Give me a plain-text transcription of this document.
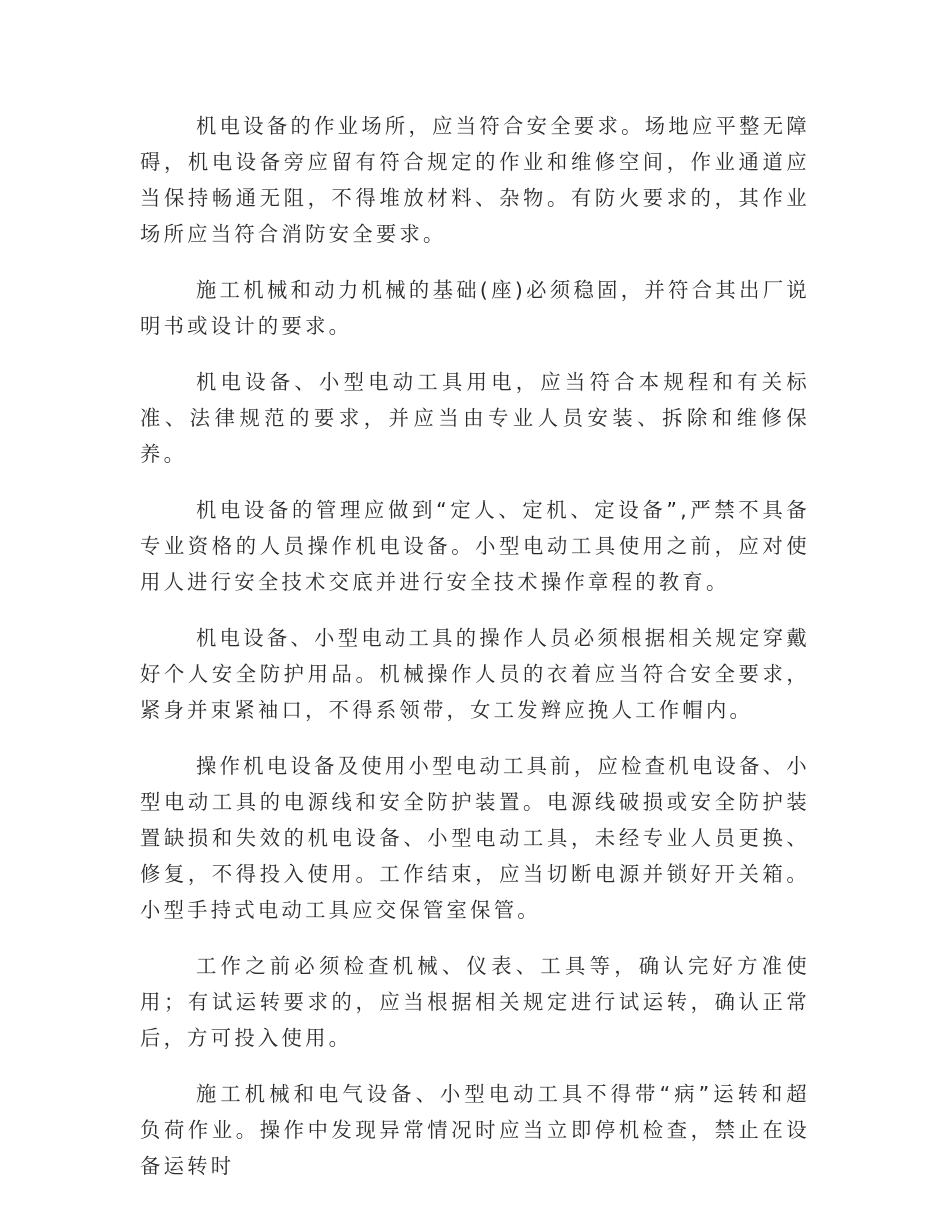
机电设备的作业场所，应当符合安全要求。场地应平整无障碍，机电设备旁应留有符合规定的作业和维修空间，作业通道应当保持畅通无阻，不得堆放材料、杂物。有防火要求的，其作业场所应当符合消防安全要求。

施工机械和动力机械的基础(座)必须稳固，并符合其出厂说明书或设计的要求。

机电设备、小型电动工具用电，应当符合本规程和有关标准、法律规范的要求，并应当由专业人员安装、拆除和维修保养。

机电设备的管理应做到“定人、定机、定设备”,严禁不具备专业资格的人员操作机电设备。小型电动工具使用之前，应对使用人进行安全技术交底并进行安全技术操作章程的教育。

机电设备、小型电动工具的操作人员必须根据相关规定穿戴好个人安全防护用品。机械操作人员的衣着应当符合安全要求，紧身并束紧袖口，不得系领带，女工发辫应挽人工作帽内。

操作机电设备及使用小型电动工具前，应检查机电设备、小型电动工具的电源线和安全防护装置。电源线破损或安全防护装置缺损和失效的机电设备、小型电动工具，未经专业人员更换、修复，不得投入使用。工作结束，应当切断电源并锁好开关箱。小型手持式电动工具应交保管室保管。

工作之前必须检查机械、仪表、工具等，确认完好方准使用；有试运转要求的，应当根据相关规定进行试运转，确认正常后，方可投入使用。

施工机械和电气设备、小型电动工具不得带“病”运转和超负荷作业。操作中发现异常情况时应当立即停机检查，禁止在设备运转时
